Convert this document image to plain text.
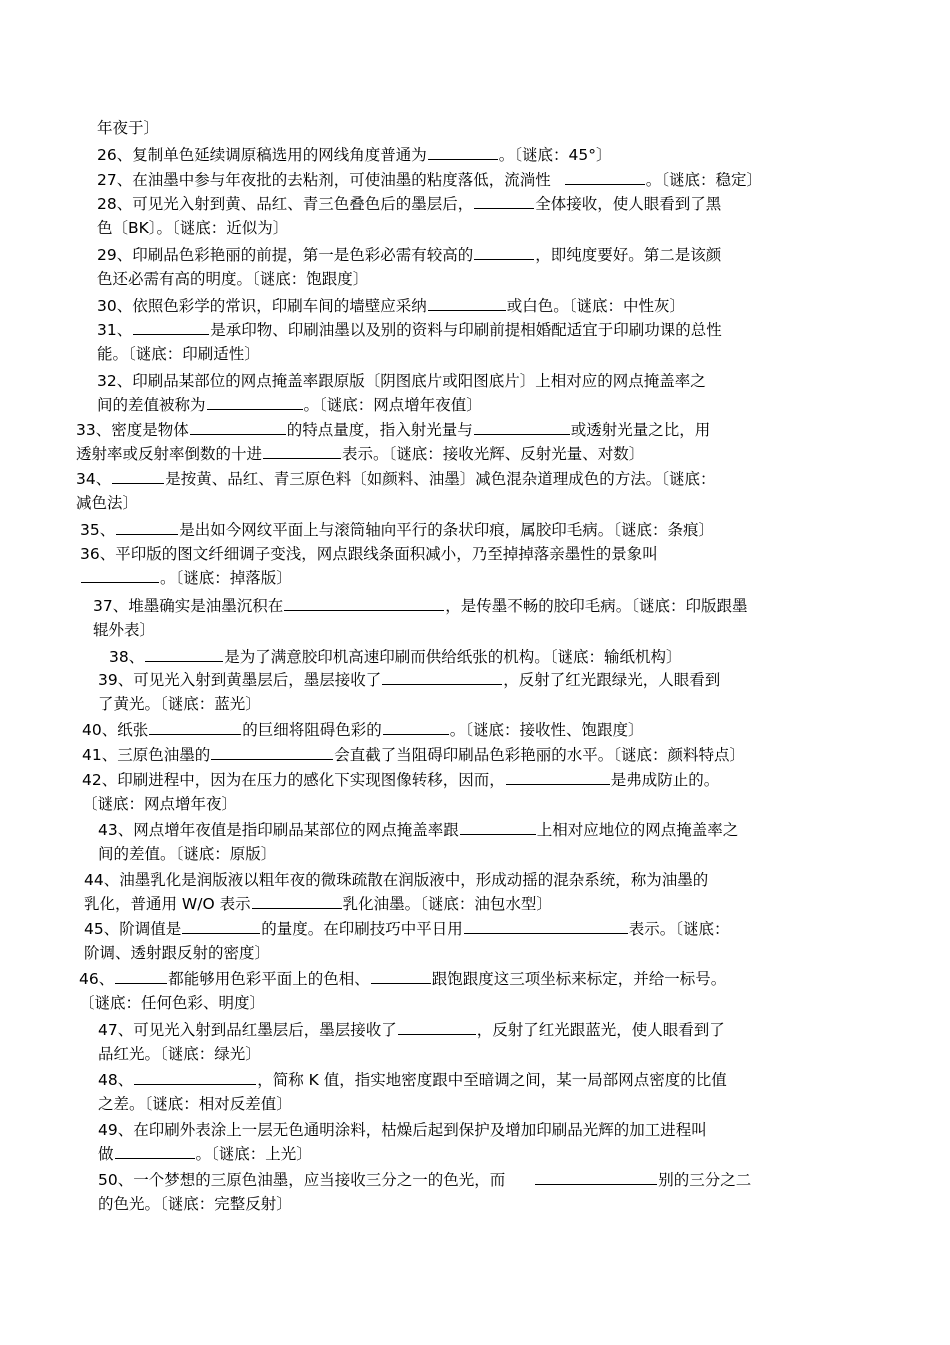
年夜于〕

26、复制单色延续调原稿选用的网线角度普通为	。〔谜底：45°〕

27、在油墨中参与年夜批的去粘剂，可使油墨的粘度落低，流淌性	。〔谜底：稳定〕

28、可见光入射到黄、品红、青三色叠色后的墨层后，	全体接收，使人眼看到了黑

色〔BK〕。〔谜底：近似为〕

29、印刷品色彩艳丽的前提，第一是色彩必需有较高的	，即纯度要好。第二是该颜

色还必需有高的明度。〔谜底：饱跟度〕

30、依照色彩学的常识，印刷车间的墙壁应采纳	或白色。〔谜底：中性灰〕

31、	是承印物、印刷油墨以及别的资料与印刷前提相婚配适宜于印刷功课的总性

能。〔谜底：印刷适性〕

32、印刷品某部位的网点掩盖率跟原版〔阴图底片或阳图底片〕上相对应的网点掩盖率之

间的差值被称为	。〔谜底：网点增年夜值〕

33、密度是物体	的特点量度，指入射光量与	或透射光量之比，用

透射率或反射率倒数的十进	表示。〔谜底：接收光辉、反射光量、对数〕

34、	是按黄、品红、青三原色料〔如颜料、油墨〕减色混杂道理成色的方法。〔谜底：

减色法〕

35、	是出如今网纹平面上与滚筒轴向平行的条状印痕，属胶印毛病。〔谜底：条痕〕

36、平印版的图文纤细调子变浅，网点跟线条面积减小，乃至掉掉落亲墨性的景象叫

。〔谜底：掉落版〕

37、堆墨确实是油墨沉积在	，是传墨不畅的胶印毛病。〔谜底：印版跟墨

辊外表〕

38、	是为了满意胶印机高速印刷而供给纸张的机构。〔谜底：输纸机构〕

39、可见光入射到黄墨层后，墨层接收了	，反射了红光跟绿光，人眼看到

了黄光。〔谜底：蓝光〕

40、纸张	的巨细将阻碍色彩的	。〔谜底：接收性、饱跟度〕

41、三原色油墨的	会直截了当阻碍印刷品色彩艳丽的水平。〔谜底：颜料特点〕

42、印刷进程中，因为在压力的感化下实现图像转移，因而，	是弗成防止的。

〔谜底：网点增年夜〕

43、网点增年夜值是指印刷品某部位的网点掩盖率跟	上相对应地位的网点掩盖率之

间的差值。〔谜底：原版〕

44、油墨乳化是润版液以粗年夜的微珠疏散在润版液中，形成动摇的混杂系统，称为油墨的

乳化，普通用 W/O 表示	乳化油墨。〔谜底：油包水型〕

45、阶调值是	的量度。在印刷技巧中平日用	表示。〔谜底：

阶调、透射跟反射的密度〕

46、	都能够用色彩平面上的色相、	跟饱跟度这三项坐标来标定，并给一标号。

〔谜底：任何色彩、明度〕

47、可见光入射到品红墨层后，墨层接收了	，反射了红光跟蓝光，使人眼看到了

品红光。〔谜底：绿光〕

48、	，简称 K 值，指实地密度跟中至暗调之间，某一局部网点密度的比值

之差。〔谜底：相对反差值〕

49、在印刷外表涂上一层无色通明涂料，枯燥后起到保护及增加印刷品光辉的加工进程叫

做	。〔谜底：上光〕

50、一个梦想的三原色油墨，应当接收三分之一的色光，而	别的三分之二

的色光。〔谜底：完整反射〕
